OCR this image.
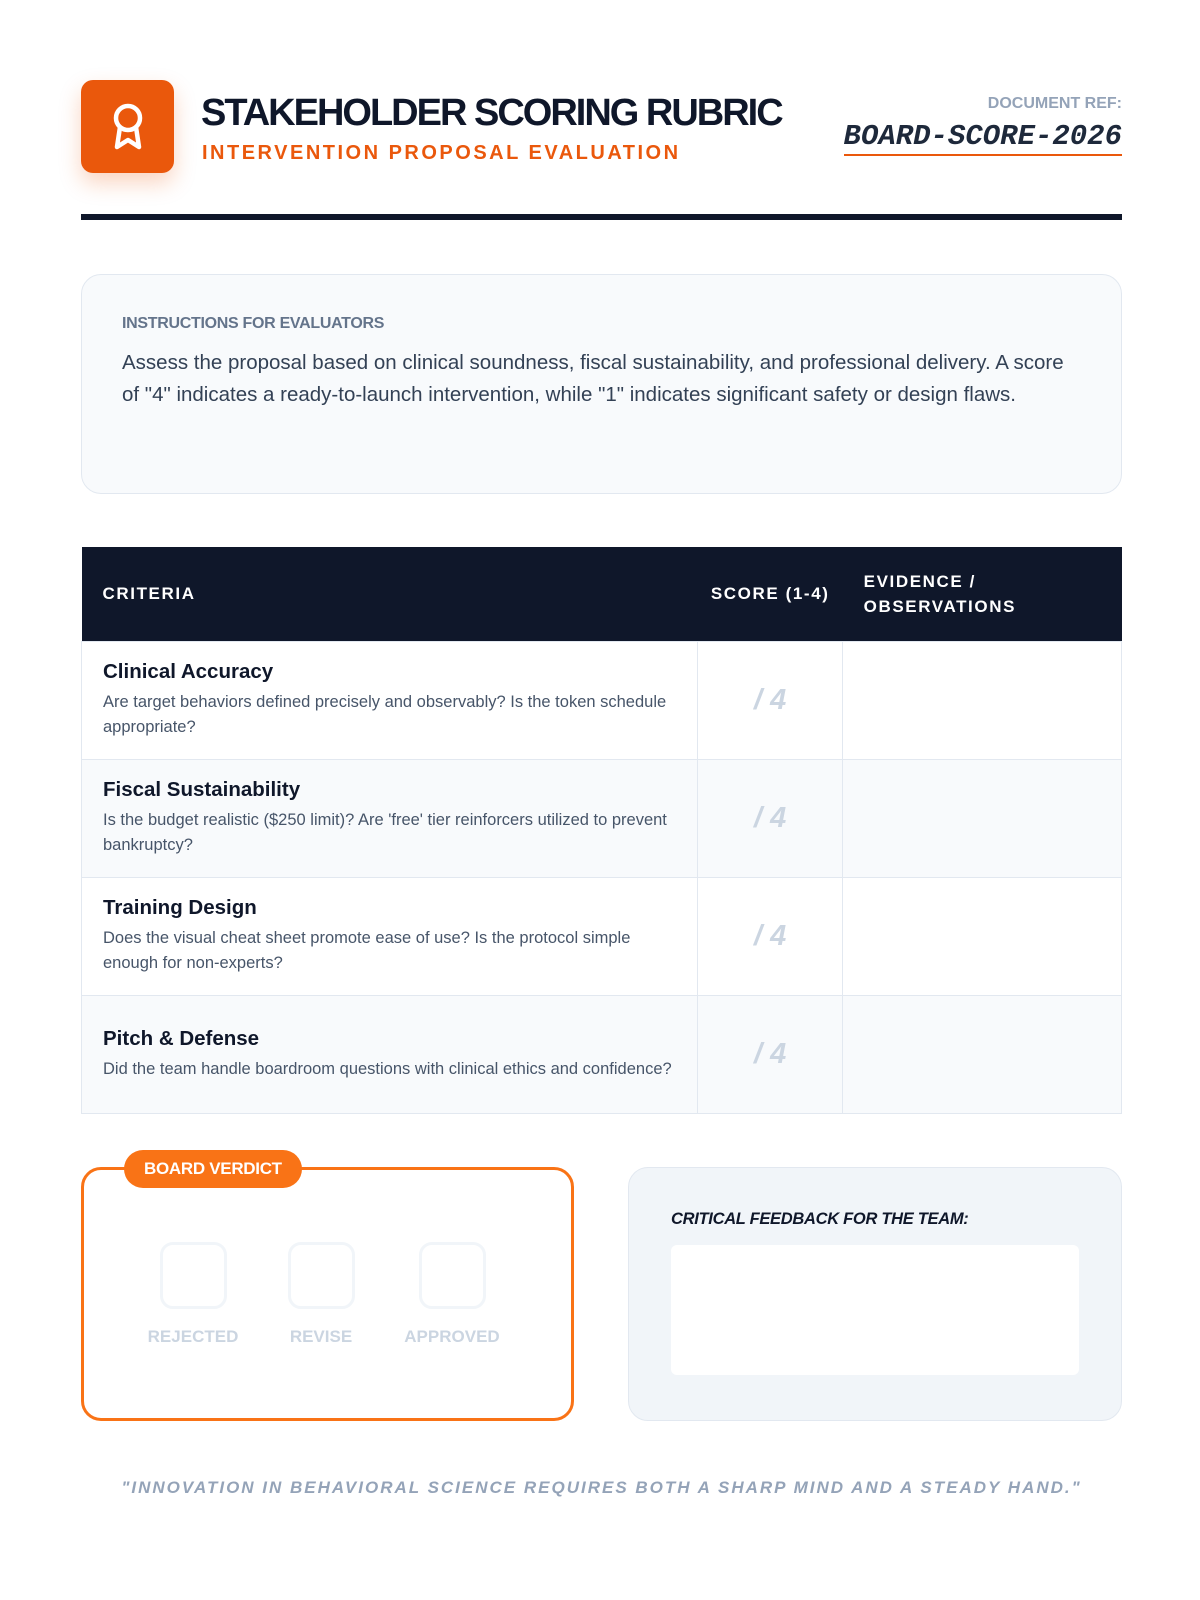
STAKEHOLDER SCORING RUBRIC
INTERVENTION PROPOSAL EVALUATION
DOCUMENT REF:
BOARD-SCORE-2026
INSTRUCTIONS FOR EVALUATORS
Assess the proposal based on clinical soundness, fiscal sustainability, and professional delivery. A score of "4" indicates a ready-to-launch intervention, while "1" indicates significant safety or design flaws.
CRITERIA	SCORE (1-4)	EVIDENCE / OBSERVATIONS

Clinical Accuracy
Are target behaviors defined precisely and observably? Is the token schedule appropriate?	/ 4	

Fiscal Sustainability
Is the budget realistic ($250 limit)? Are 'free' tier reinforcers utilized to prevent bankruptcy?	/ 4	

Training Design
Does the visual cheat sheet promote ease of use? Is the protocol simple enough for non-experts?	/ 4	

Pitch & Defense
Did the team handle boardroom questions with clinical ethics and confidence?	/ 4	
BOARD VERDICT
REJECTED	REVISE	APPROVED
CRITICAL FEEDBACK FOR THE TEAM:
"INNOVATION IN BEHAVIORAL SCIENCE REQUIRES BOTH A SHARP MIND AND A STEADY HAND."
